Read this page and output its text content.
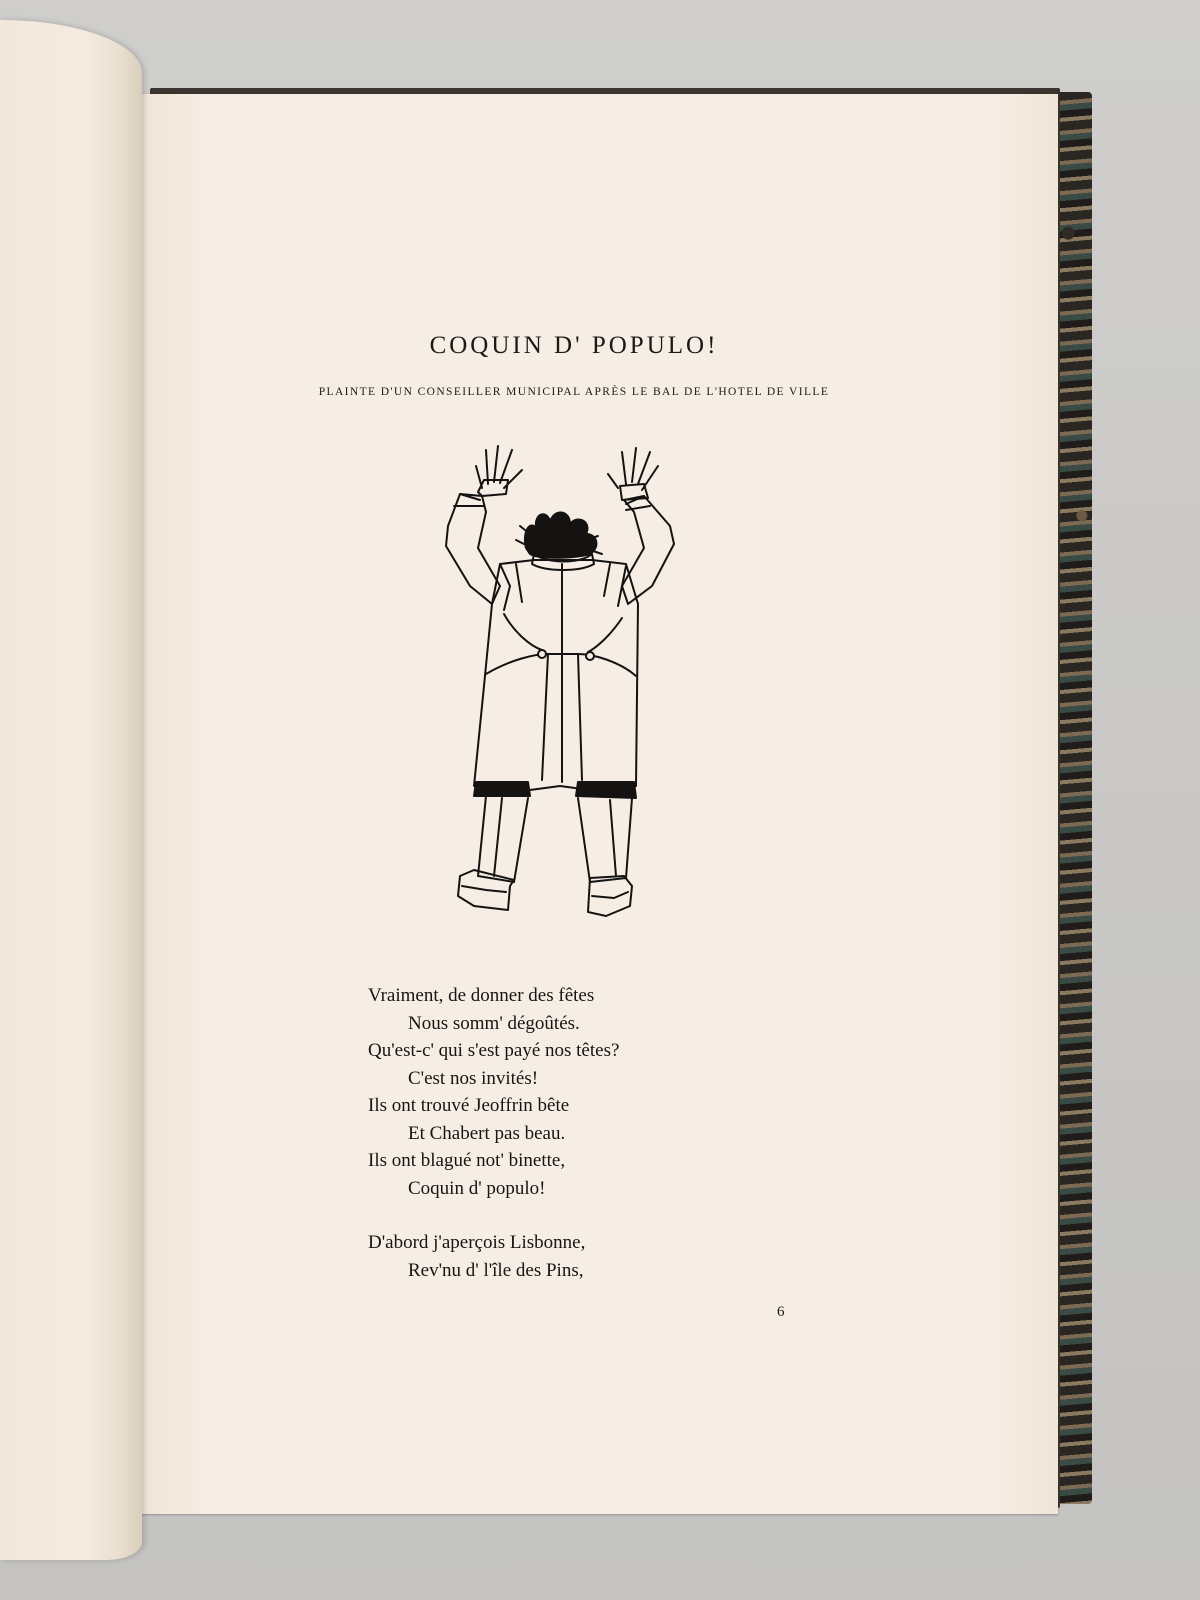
COQUIN D' POPULO!
PLAINTE D'UN CONSEILLER MUNICIPAL APRÈS LE BAL DE L'HOTEL DE VILLE
Vraiment, de donner des fêtes
Nous somm' dégoûtés.
Qu'est-c' qui s'est payé nos têtes?
C'est nos invités!
Ils ont trouvé Jeoffrin bête
Et Chabert pas beau.
Ils ont blagué not' binette,
Coquin d' populo!
D'abord j'aperçois Lisbonne,
Rev'nu d' l'île des Pins,
6
